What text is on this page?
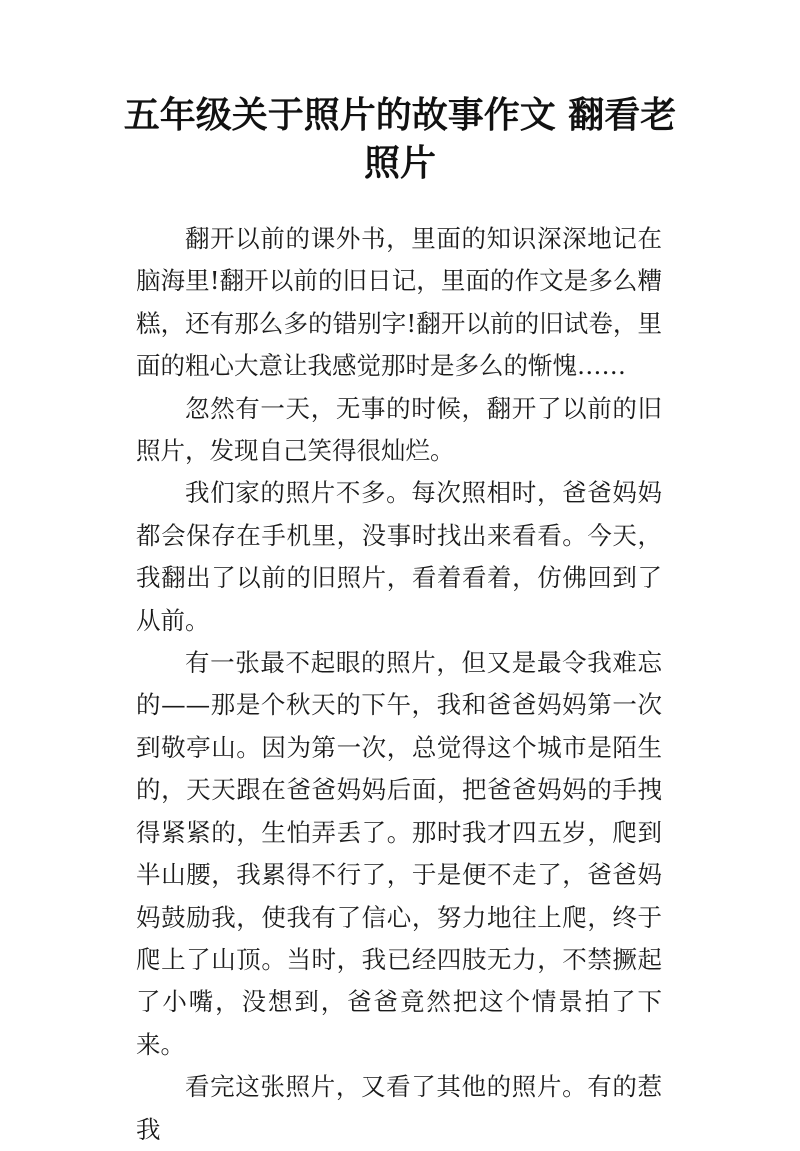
五年级关于照片的故事作文 翻看老照片

翻开以前的课外书，里面的知识深深地记在脑海里!翻开以前的旧日记，里面的作文是多么糟糕，还有那么多的错别字!翻开以前的旧试卷，里面的粗心大意让我感觉那时是多么的惭愧……

忽然有一天，无事的时候，翻开了以前的旧照片，发现自己笑得很灿烂。

我们家的照片不多。每次照相时，爸爸妈妈都会保存在手机里，没事时找出来看看。今天，我翻出了以前的旧照片，看着看着，仿佛回到了从前。

有一张最不起眼的照片，但又是最令我难忘的——那是个秋天的下午，我和爸爸妈妈第一次到敬亭山。因为第一次，总觉得这个城市是陌生的，天天跟在爸爸妈妈后面，把爸爸妈妈的手拽得紧紧的，生怕弄丢了。那时我才四五岁，爬到半山腰，我累得不行了，于是便不走了，爸爸妈妈鼓励我，使我有了信心，努力地往上爬，终于爬上了山顶。当时，我已经四肢无力，不禁撅起了小嘴，没想到，爸爸竟然把这个情景拍了下来。

看完这张照片，又看了其他的照片。有的惹我
